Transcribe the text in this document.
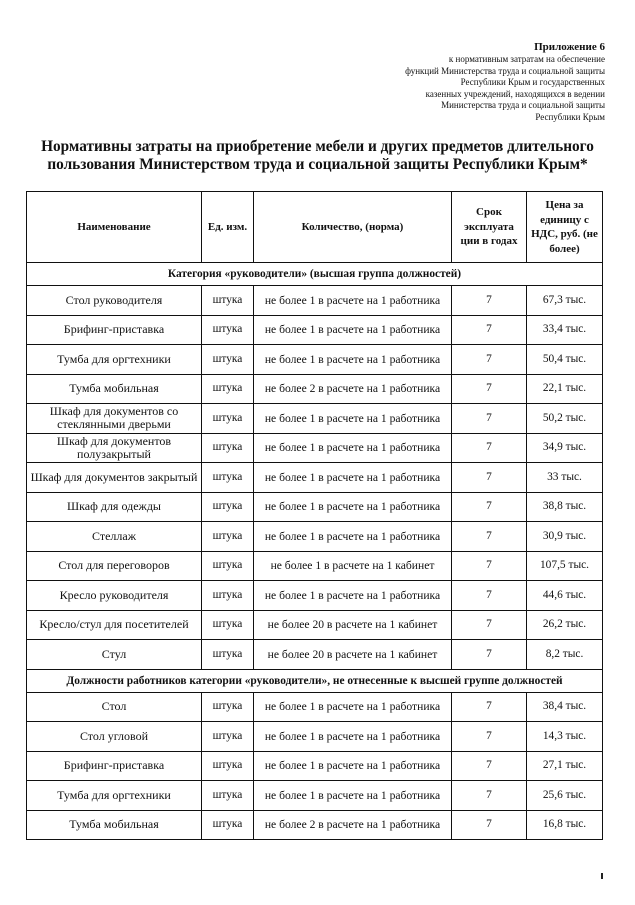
Приложение 6
к нормативным затратам на обеспечение
функций Министерства труда и социальной защиты
Республики Крым и государственных
казенных учреждений, находящихся в ведении
Министерства труда и социальной защиты
Республики Крым
Нормативны затраты на приобретение мебели и других предметов длительного пользования Министерством труда и социальной защиты Республики Крым*
Наименование	Ед. изм.	Количество, (норма)	Срок эксплуата ции в годах	Цена за единицу с НДС, руб. (не более)
Категория «руководители» (высшая группа должностей)				
Стол руководителя	штука	не более 1 в расчете на 1 работника	7	67,3 тыс.
Брифинг-приставка	штука	не более 1 в расчете на 1 работника	7	33,4 тыс.
Тумба для оргтехники	штука	не более 1 в расчете на 1 работника	7	50,4 тыс.
Тумба мобильная	штука	не более 2 в расчете на 1 работника	7	22,1 тыс.
Шкаф для документов со стеклянными дверьми	штука	не более 1 в расчете на 1 работника	7	50,2 тыс.
Шкаф для документов полузакрытый	штука	не более 1 в расчете на 1 работника	7	34,9 тыс.
Шкаф для документов закрытый	штука	не более 1 в расчете на 1 работника	7	33 тыс.
Шкаф для одежды	штука	не более 1 в расчете на 1 работника	7	38,8 тыс.
Стеллаж	штука	не более 1 в расчете на 1 работника	7	30,9 тыс.
Стол для переговоров	штука	не более 1 в расчете на 1 кабинет	7	107,5 тыс.
Кресло руководителя	штука	не более 1 в расчете на 1 работника	7	44,6 тыс.
Кресло/стул для посетителей	штука	не более 20 в расчете на 1 кабинет	7	26,2 тыс.
Стул	штука	не более 20 в расчете на 1 кабинет	7	8,2 тыс.
Должности работников категории «руководители», не отнесенные к высшей группе должностей				
Стол	штука	не более 1 в расчете на 1 работника	7	38,4 тыс.
Стол угловой	штука	не более 1 в расчете на 1 работника	7	14,3 тыс.
Брифинг-приставка	штука	не более 1 в расчете на 1 работника	7	27,1 тыс.
Тумба для оргтехники	штука	не более 1 в расчете на 1 работника	7	25,6 тыс.
Тумба мобильная	штука	не более 2 в расчете на 1 работника	7	16,8 тыс.
